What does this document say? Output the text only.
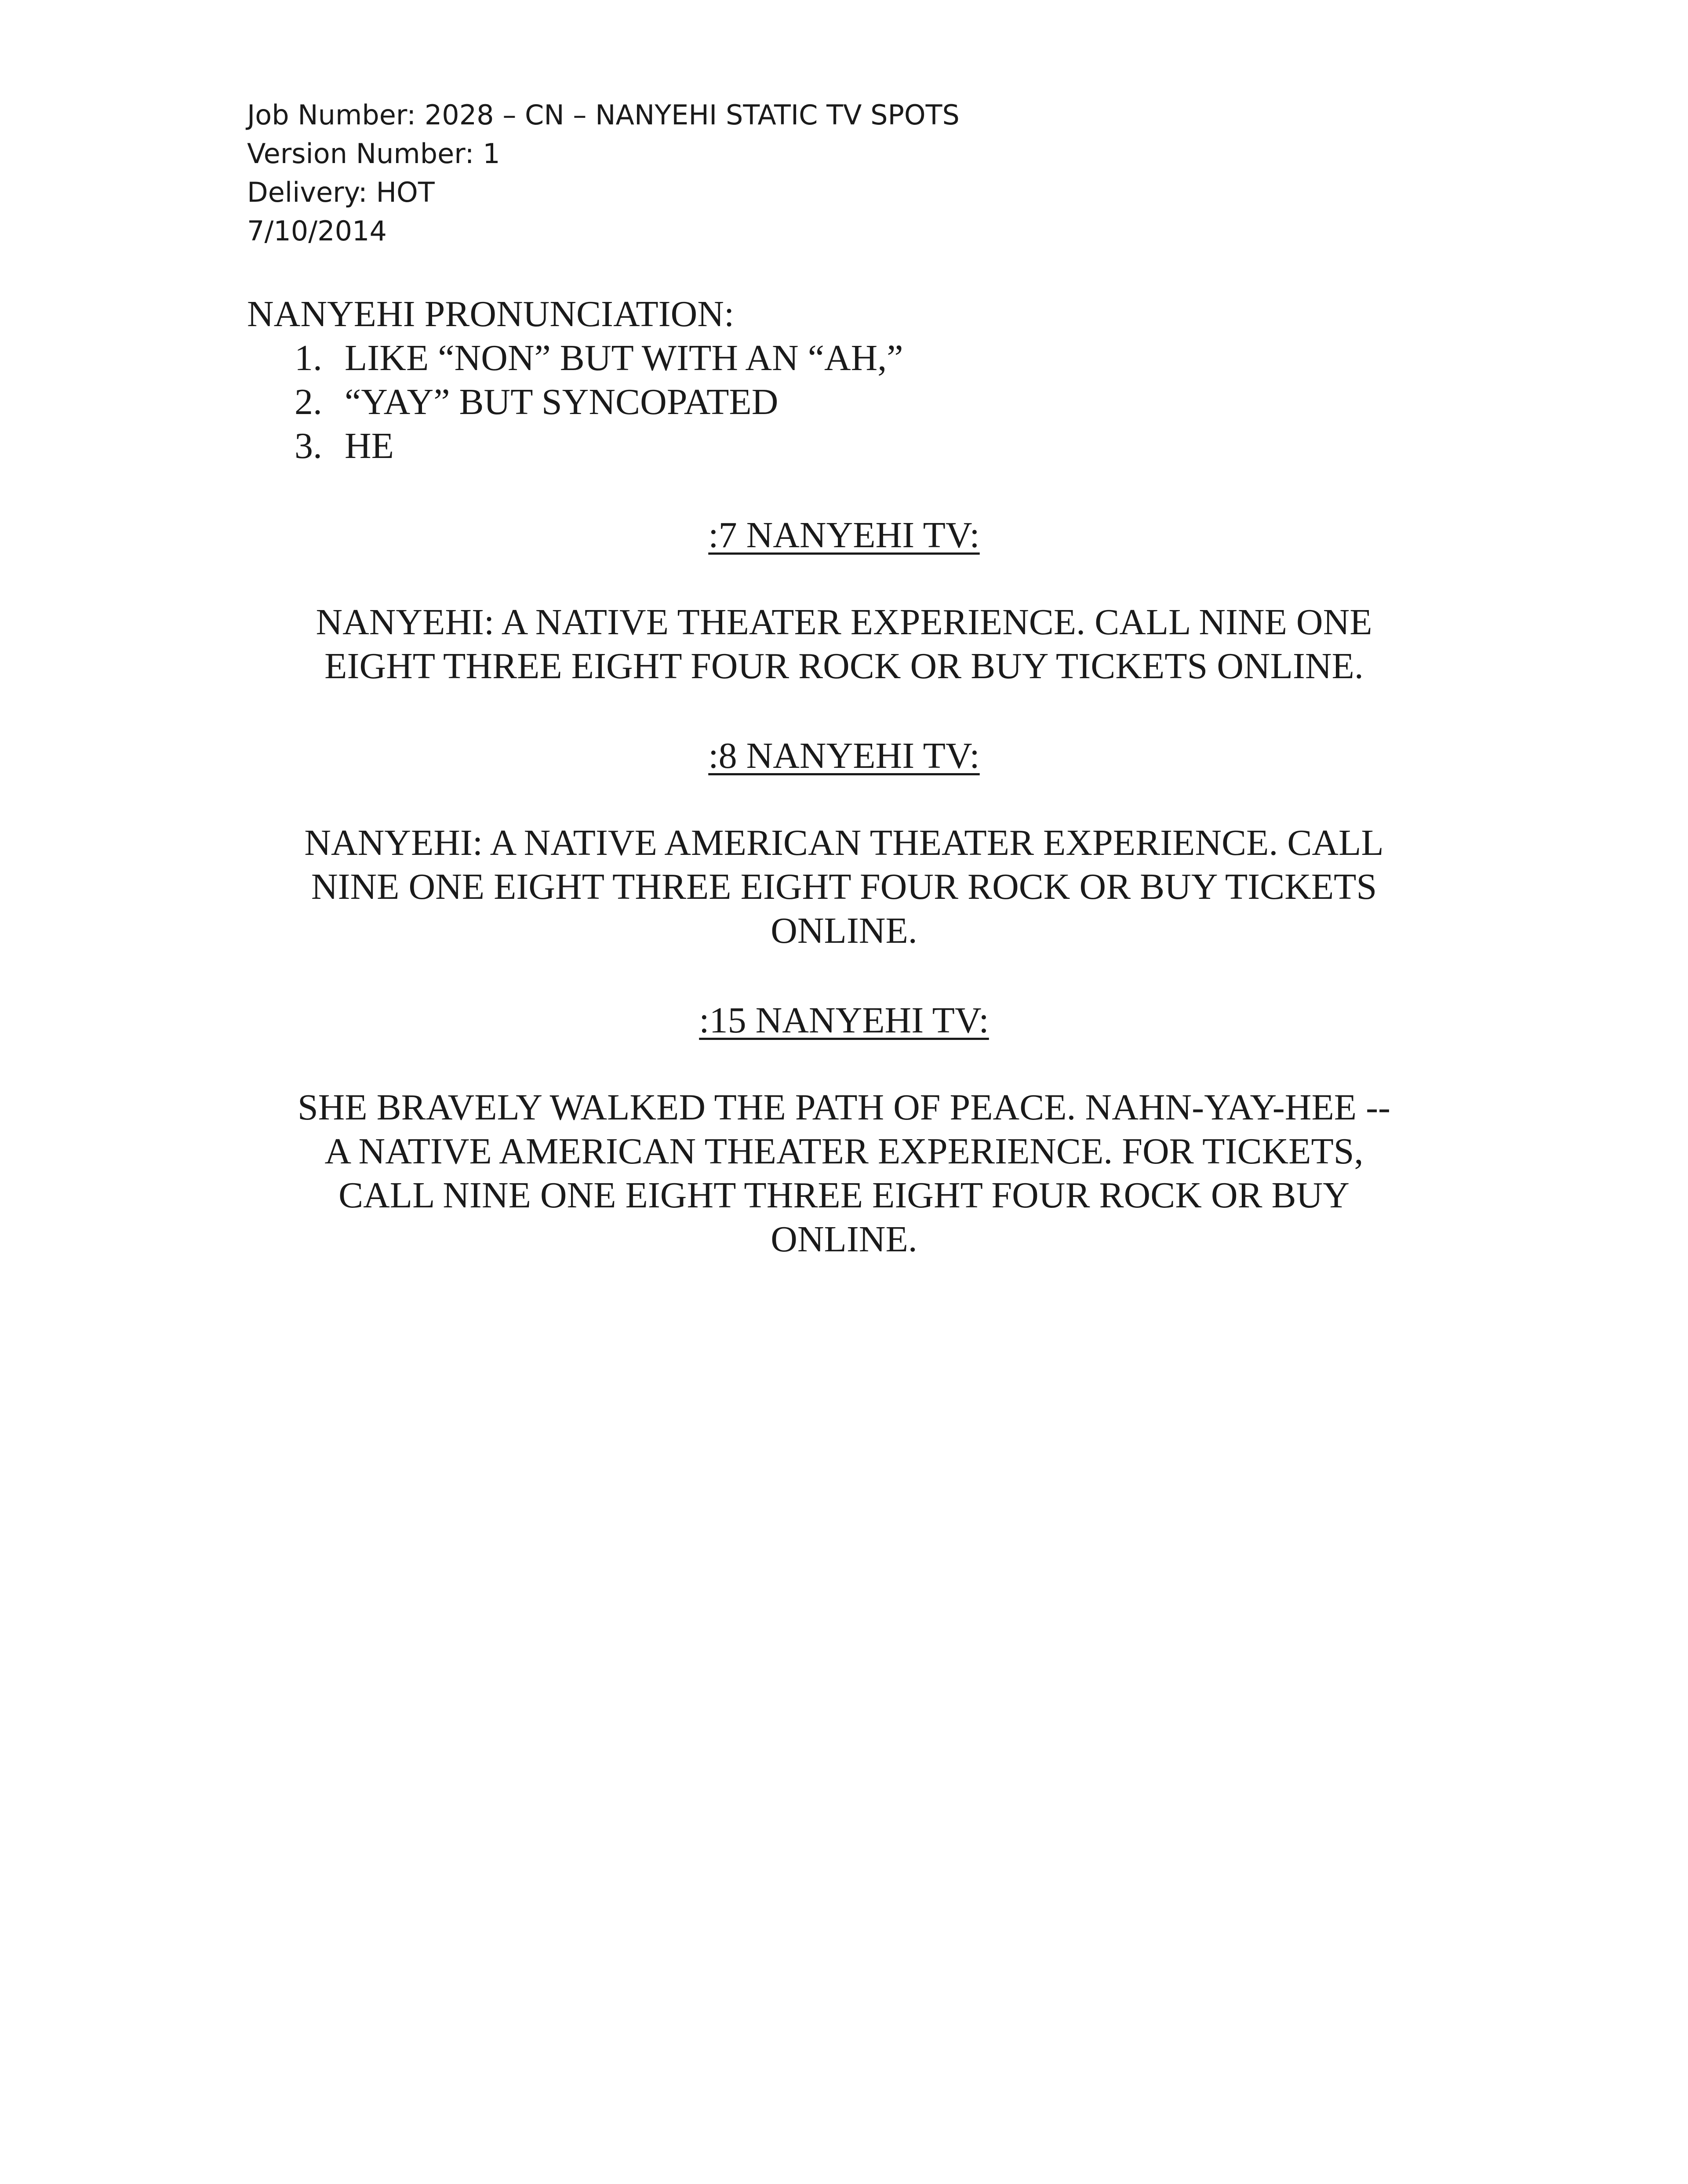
Job Number: 2028 – CN – NANYEHI STATIC TV SPOTS
Version Number: 1
Delivery: HOT
7/10/2014
NANYEHI PRONUNCIATION:
1. LIKE “NON” BUT WITH AN “AH,”
2. “YAY” BUT SYNCOPATED
3. HE
:7 NANYEHI TV:
NANYEHI: A NATIVE THEATER EXPERIENCE. CALL NINE ONE
EIGHT THREE EIGHT FOUR ROCK OR BUY TICKETS ONLINE.
:8 NANYEHI TV:
NANYEHI: A NATIVE AMERICAN THEATER EXPERIENCE. CALL
NINE ONE EIGHT THREE EIGHT FOUR ROCK OR BUY TICKETS
ONLINE.
:15 NANYEHI TV:
SHE BRAVELY WALKED THE PATH OF PEACE. NAHN-YAY-HEE --
A NATIVE AMERICAN THEATER EXPERIENCE. FOR TICKETS,
CALL NINE ONE EIGHT THREE EIGHT FOUR ROCK OR BUY
ONLINE.
